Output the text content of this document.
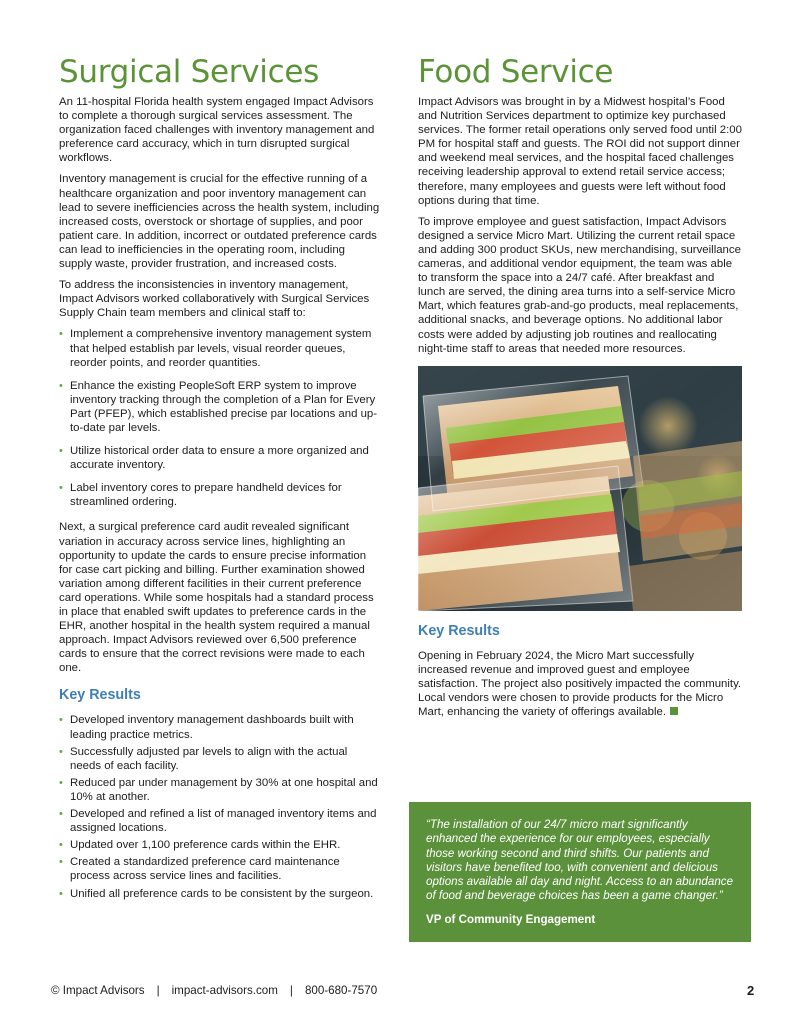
Surgical Services

An 11-hospital Florida health system engaged Impact Advisors to complete a thorough surgical services assessment. The organization faced challenges with inventory management and preference card accuracy, which in turn disrupted surgical workflows.

Inventory management is crucial for the effective running of a healthcare organization and poor inventory management can lead to severe inefficiencies across the health system, including increased costs, overstock or shortage of supplies, and poor patient care. In addition, incorrect or outdated preference cards can lead to inefficiencies in the operating room, including supply waste, provider frustration, and increased costs.

To address the inconsistencies in inventory management, Impact Advisors worked collaboratively with Surgical Services Supply Chain team members and clinical staff to:

• Implement a comprehensive inventory management system that helped establish par levels, visual reorder queues, reorder points, and reorder quantities.
• Enhance the existing PeopleSoft ERP system to improve inventory tracking through the completion of a Plan for Every Part (PFEP), which established precise par locations and up-to-date par levels.
• Utilize historical order data to ensure a more organized and accurate inventory.
• Label inventory cores to prepare handheld devices for streamlined ordering.

Next, a surgical preference card audit revealed significant variation in accuracy across service lines, highlighting an opportunity to update the cards to ensure precise information for case cart picking and billing. Further examination showed variation among different facilities in their current preference card operations. While some hospitals had a standard process in place that enabled swift updates to preference cards in the EHR, another hospital in the health system required a manual approach. Impact Advisors reviewed over 6,500 preference cards to ensure that the correct revisions were made to each one.

Key Results
• Developed inventory management dashboards built with leading practice metrics.
• Successfully adjusted par levels to align with the actual needs of each facility.
• Reduced par under management by 30% at one hospital and 10% at another.
• Developed and refined a list of managed inventory items and assigned locations.
• Updated over 1,100 preference cards within the EHR.
• Created a standardized preference card maintenance process across service lines and facilities.
• Unified all preference cards to be consistent by the surgeon.
Food Service

Impact Advisors was brought in by a Midwest hospital’s Food and Nutrition Services department to optimize key purchased services. The former retail operations only served food until 2:00 PM for hospital staff and guests. The ROI did not support dinner and weekend meal services, and the hospital faced challenges receiving leadership approval to extend retail service access; therefore, many employees and guests were left without food options during that time.

To improve employee and guest satisfaction, Impact Advisors designed a service Micro Mart. Utilizing the current retail space and adding 300 product SKUs, new merchandising, surveillance cameras, and additional vendor equipment, the team was able to transform the space into a 24/7 café. After breakfast and lunch are served, the dining area turns into a self-service Micro Mart, which features grab-and-go products, meal replacements, additional snacks, and beverage options. No additional labor costs were added by adjusting job routines and reallocating night-time staff to areas that needed more resources.

Key Results

Opening in February 2024, the Micro Mart successfully increased revenue and improved guest and employee satisfaction. The project also positively impacted the community. Local vendors were chosen to provide products for the Micro Mart, enhancing the variety of offerings available.

“The installation of our 24/7 micro mart significantly enhanced the experience for our employees, especially those working second and third shifts. Our patients and visitors have benefited too, with convenient and delicious options available all day and night. Access to an abundance of food and beverage choices has been a game changer.”
VP of Community Engagement
© Impact Advisors | impact-advisors.com | 800-680-7570	2
